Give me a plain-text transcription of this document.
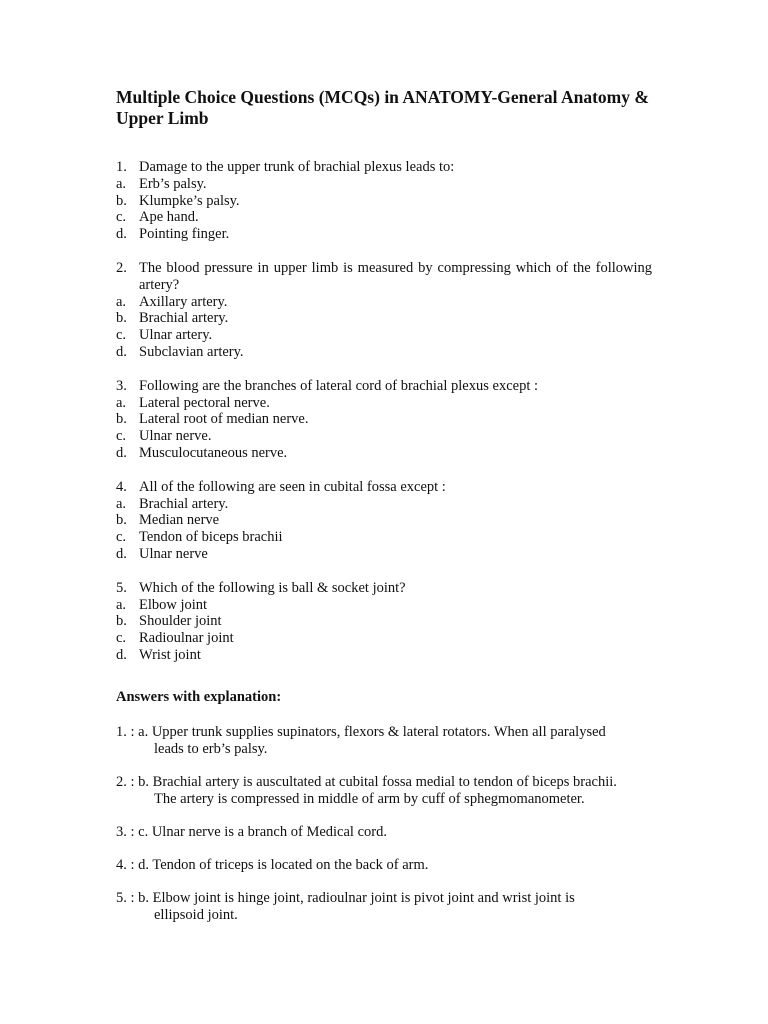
Multiple Choice Questions (MCQs) in ANATOMY-General Anatomy & Upper Limb
1. Damage to the upper trunk of brachial plexus leads to:
a. Erb’s palsy.
b. Klumpke’s palsy.
c. Ape hand.
d. Pointing finger.
2. The blood pressure in upper limb is measured by compressing which of the following artery?
a. Axillary artery.
b. Brachial artery.
c. Ulnar artery.
d. Subclavian artery.
3. Following are the branches of lateral cord of brachial plexus except :
a. Lateral pectoral nerve.
b. Lateral root of median nerve.
c. Ulnar nerve.
d. Musculocutaneous nerve.
4. All of the following are seen in cubital fossa except :
a. Brachial artery.
b. Median nerve
c. Tendon of biceps brachii
d. Ulnar nerve
5. Which of the following is ball & socket joint?
a. Elbow joint
b. Shoulder joint
c. Radioulnar joint
d. Wrist joint
Answers with explanation:
1. : a. Upper trunk supplies supinators, flexors & lateral rotators. When all paralysed
leads to erb’s palsy.
2. : b. Brachial artery is auscultated at cubital fossa medial to tendon of biceps brachii.
The artery is compressed in middle of arm by cuff of sphegmomanometer.
3. : c. Ulnar nerve is a branch of Medical cord.
4. : d. Tendon of triceps is located on the back of arm.
5. : b. Elbow joint is hinge joint, radioulnar joint is pivot joint and wrist joint is
ellipsoid joint.
